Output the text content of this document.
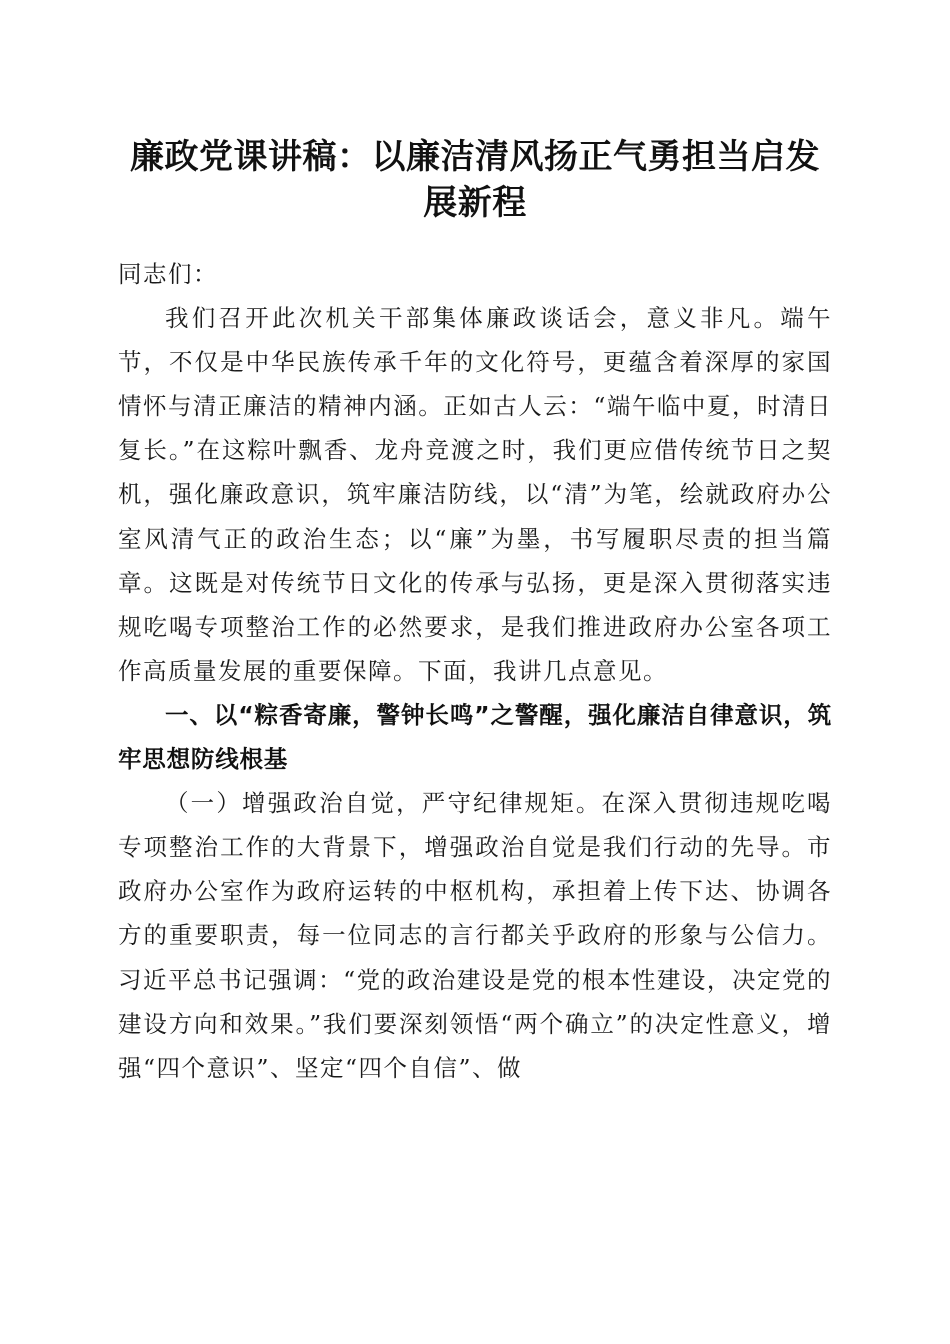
廉政党课讲稿：以廉洁清风扬正气勇担当启发展新程

同志们：

我们召开此次机关干部集体廉政谈话会，意义非凡。端午节，不仅是中华民族传承千年的文化符号，更蕴含着深厚的家国情怀与清正廉洁的精神内涵。正如古人云：“端午临中夏，时清日复长。”在这粽叶飘香、龙舟竞渡之时，我们更应借传统节日之契机，强化廉政意识，筑牢廉洁防线，以“清”为笔，绘就政府办公室风清气正的政治生态；以“廉”为墨，书写履职尽责的担当篇章。这既是对传统节日文化的传承与弘扬，更是深入贯彻落实违规吃喝专项整治工作的必然要求，是我们推进政府办公室各项工作高质量发展的重要保障。下面，我讲几点意见。

一、以“粽香寄廉，警钟长鸣”之警醒，强化廉洁自律意识，筑牢思想防线根基

（一）增强政治自觉，严守纪律规矩。在深入贯彻违规吃喝专项整治工作的大背景下，增强政治自觉是我们行动的先导。市政府办公室作为政府运转的中枢机构，承担着上传下达、协调各方的重要职责，每一位同志的言行都关乎政府的形象与公信力。习近平总书记强调：“党的政治建设是党的根本性建设，决定党的建设方向和效果。”我们要深刻领悟“两个确立”的决定性意义，增强“四个意识”、坚定“四个自信”、做
